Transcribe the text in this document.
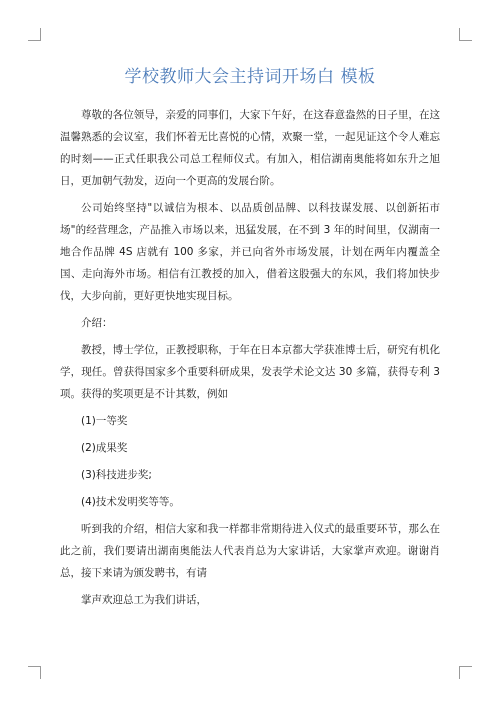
学校教师大会主持词开场白 模板

尊敬的各位领导，亲爱的同事们，大家下午好，在这春意盎然的日子里，在这温馨熟悉的会议室，我们怀着无比喜悦的心情，欢聚一堂，一起见证这个令人难忘的时刻——正式任职我公司总工程师仪式。有加入，相信湖南奥能将如东升之旭日，更加朝气勃发，迈向一个更高的发展台阶。

公司始终坚持"以诚信为根本、以品质创品牌、以科技谋发展、以创新拓市场"的经营理念，产品推入市场以来，迅猛发展，在不到 3 年的时间里，仅湖南一地合作品牌 4S 店就有 100 多家，并已向省外市场发展，计划在两年内覆盖全国、走向海外市场。相信有江教授的加入，借着这股强大的东风，我们将加快步伐，大步向前，更好更快地实现目标。

介绍：

教授，博士学位，正教授职称，于年在日本京都大学获准博士后，研究有机化学，现任。曾获得国家多个重要科研成果，发表学术论文达 30 多篇，获得专利 3 项。获得的奖项更是不计其数，例如

(1)一等奖

(2)成果奖

(3)科技进步奖;

(4)技术发明奖等等。

听到我的介绍，相信大家和我一样都非常期待进入仪式的最重要环节，那么在此之前，我们要请出湖南奥能法人代表肖总为大家讲话，大家掌声欢迎。谢谢肖总，接下来请为颁发聘书，有请

掌声欢迎总工为我们讲话，
